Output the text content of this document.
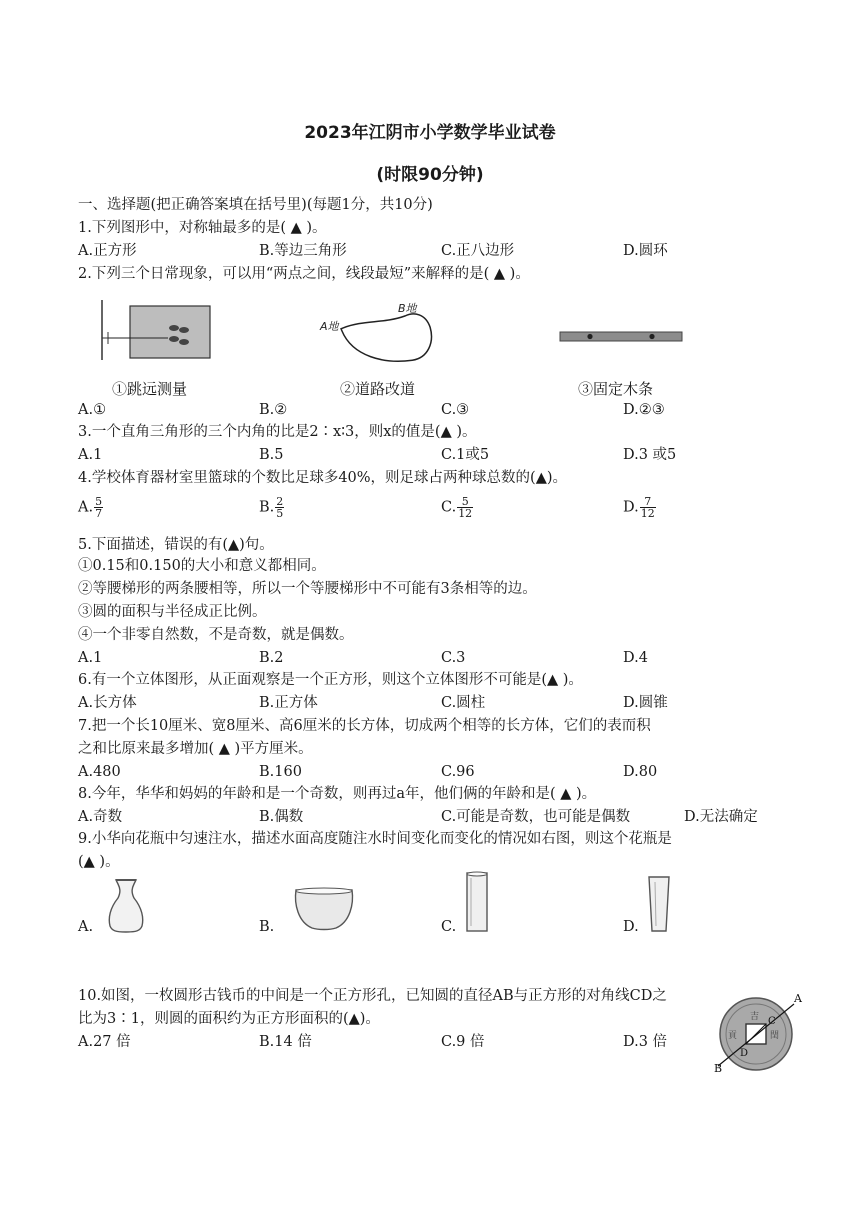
2023年江阴市小学数学毕业试卷
(时限90分钟)
一、选择题(把正确答案填在括号里)(每题1分，共10分)
1.下列图形中，对称轴最多的是( ▲ )。
A.正方形	B.等边三角形	C.正八边形	D.圆环
2.下列三个日常现象，可以用“两点之间，线段最短”来解释的是( ▲ )。
A地
B地
①跳远测量	②道路改道	③固定木条
A.①	B.②	C.③	D.②③
3.一个直角三角形的三个内角的比是2∶x∶3，则x的值是(▲ )。
A.1	B.5	C.1或5	D.3 或5
4.学校体育器材室里篮球的个数比足球多40%，则足球占两种球总数的(▲)。
A. $\frac{5}{7}$	B. $\frac{2}{5}$	C. $\frac{5}{12}$	D. $\frac{7}{12}$
5.下面描述，错误的有(▲)句。
①0.15和0.150的大小和意义都相同。
②等腰梯形的两条腰相等，所以一个等腰梯形中不可能有3条相等的边。
③圆的面积与半径成正比例。
④一个非零自然数，不是奇数，就是偶数。
A.1	B.2	C.3	D.4
6.有一个立体图形，从正面观察是一个正方形，则这个立体图形不可能是(▲ )。
A.长方体	B.正方体	C.圆柱	D.圆锥
7.把一个长10厘米、宽8厘米、高6厘米的长方体，切成两个相等的长方体，它们的表而积
之和比原来最多增加( ▲ )平方厘米。
A.480	B.160	C.96	D.80
8.今年，华华和妈妈的年龄和是一个奇数，则再过a年，他们俩的年龄和是( ▲ )。
A.奇数	B.偶数	C.可能是奇数，也可能是偶数	D.无法确定
9.小华向花瓶中匀速注水，描述水面高度随注水时间变化而变化的情况如右图，则这个花瓶是
(▲ )。
A.	B.	C.	D.
10.如图，一枚圆形古钱币的中间是一个正方形孔，已知圆的直径AB与正方形的对角线CD之
比为3∶1，则圆的面积约为正方形面积的(▲)。
A.27 倍	B.14 倍	C.9 倍	D.3 倍
吉
貢	閏
A
B
C
D
